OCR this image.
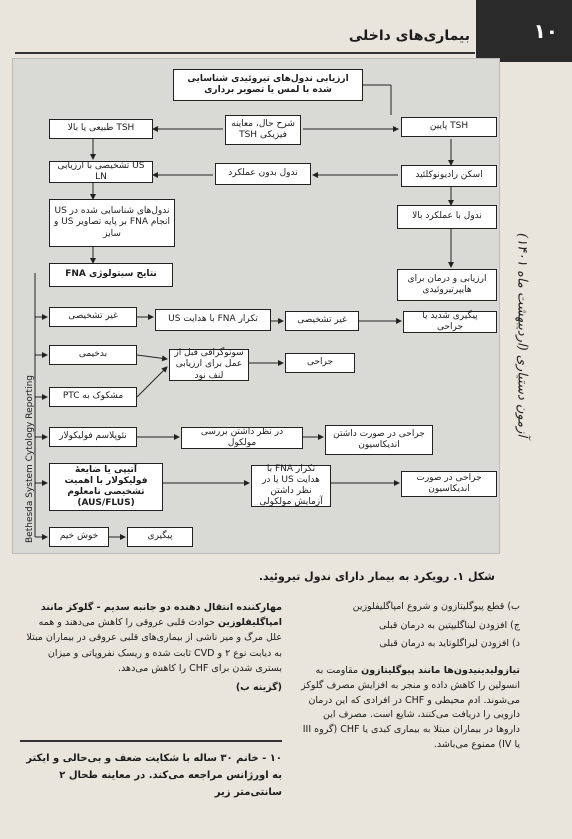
۱۰
بیماری‌های داخلی
آزمون دستیاری (اردیبهشت ماه ۱۴۰۱)
ارزیابی ندول‌های تیروئیدی شناسایی شده با لمس یا تصویر برداری
شرح حال، معاینه فیزیکی TSH
TSH پایین
TSH طبیعی یا بالا
اسکن رادیونوکلئید
ندول بدون عملکرد
US تشخیصی با ارزیابی LN
ندول با عملکرد بالا
ندول‌های شناسایی شده در US انجام FNA بر پایه تصاویر US و سایز
ارزیابی و درمان برای هایپرتیروئیدی
نتایج سیتولوژی FNA
غیر تشخیصی	تکرار FNA با هدایت US	غیر تشخیصی	پیگیری شدید یا جراحی
بدخیمی	سونوگرافی قبل از عمل برای ارزیابی لنف نود
جراحی
مشکوک به PTC
نئوپلاسم فولیکولار	در نظر داشتن بررسی مولکول
جراحی در صورت داشتن اندیکاسیون
آتیپی یا ضایعهٔ فولیکولار با اهمیت تشخیصی نامعلوم (AUS/FLUS)
تکرار FNA با هدایت US یا در نظر داشتن آزمایش مولکولی
جراحی در صورت اندیکاسیون
خوش خیم	پیگیری
Bethesda System Cytology Reporting
شکل ۱. رویکرد به بیمار دارای ندول تیروئید.

ب) قطع پیوگلیتازون و شروع امپاگلیفلوزین

ج) افزودن لیناگلیپتین به درمان قبلی

د) افزودن لیراگلوتاید به درمان قبلی

تیازولیدینیدون‌ها مانند پیوگلیتازون مقاومت به انسولین را کاهش داده و منجر به افزایش مصرف گلوکز می‌شوند. ادم محیطی و CHF در افرادی که این درمان دارویی را دریافت می‌کنند، شایع است. مصرف این داروها در بیماران مبتلا به بیماری کبدی یا CHF (گروه III یا IV) ممنوع می‌باشد.

مهارکننده انتقال دهنده دو جانبه سدیم - گلوکز مانند امپاگلیفلوزین حوادث قلبی عروقی را کاهش می‌دهند و همه علل مرگ و میر ناشی از بیماری‌های قلبی عروقی در بیماران مبتلا به دیابت نوع ۲ و CVD ثابت شده و ریسک نفروپاتی و میزان بستری شدن برای CHF را کاهش می‌دهد.

(گزینه ب)

۱۰ - خانم ۳۰ ساله با شکایت ضعف و بی‌حالی و ایکتر به اورژانس مراجعه می‌کند. در معاینه طحال ۲ سانتی‌متر زیر
